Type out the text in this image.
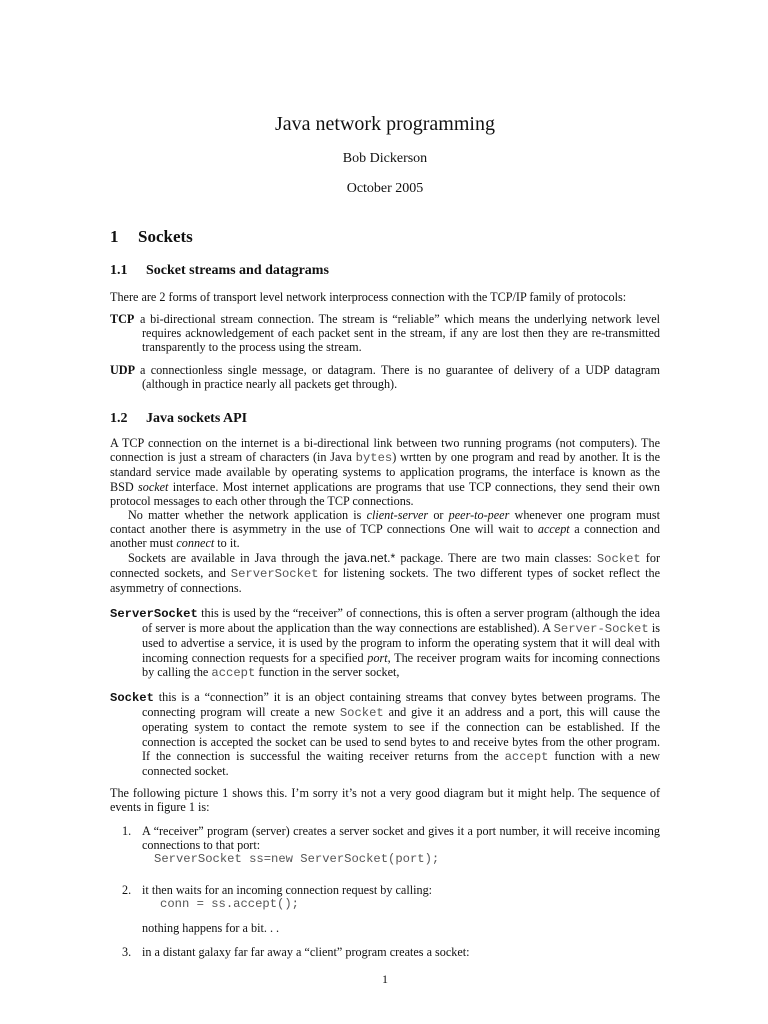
Java network programming
Bob Dickerson
October 2005
1 Sockets
1.1 Socket streams and datagrams

There are 2 forms of transport level network interprocess connection with the TCP/IP family of protocols:

TCP a bi-directional stream connection. The stream is “reliable” which means the underlying network level requires acknowledgement of each packet sent in the stream, if any are lost then they are re-transmitted transparently to the process using the stream.

UDP a connectionless single message, or datagram. There is no guarantee of delivery of a UDP datagram (although in practice nearly all packets get through).

1.2 Java sockets API

A TCP connection on the internet is a bi-directional link between two running programs (not computers). The connection is just a stream of characters (in Java bytes) wrtten by one program and read by another. It is the standard service made available by operating systems to application programs, the interface is known as the BSD socket interface. Most internet applications are programs that use TCP connections, they send their own protocol messages to each other through the TCP connections.

No matter whether the network application is client-server or peer-to-peer whenever one program must contact another there is asymmetry in the use of TCP connections One will wait to accept a connection and another must connect to it.

Sockets are available in Java through the java.net.* package. There are two main classes: Socket for connected sockets, and ServerSocket for listening sockets. The two different types of socket reflect the asymmetry of connections.

ServerSocket this is used by the “receiver” of connections, this is often a server program (although the idea of server is more about the application than the way connections are established). A Server-Socket is used to advertise a service, it is used by the program to inform the operating system that it will deal with incoming connection requests for a specified port, The receiver program waits for incoming connections by calling the accept function in the server socket,

Socket this is a “connection” it is an object containing streams that convey bytes between programs. The connecting program will create a new Socket and give it an address and a port, this will cause the operating system to contact the remote system to see if the connection can be established. If the connection is accepted the socket can be used to send bytes to and receive bytes from the other program. If the connection is successful the waiting receiver returns from the accept function with a new connected socket.

The following picture 1 shows this. I’m sorry it’s not a very good diagram but it might help. The sequence of events in figure 1 is:

1. A “receiver” program (server) creates a server socket and gives it a port number, it will receive incoming connections to that port:
ServerSocket ss=new ServerSocket(port);
2. it then waits for an incoming connection request by calling:
conn = ss.accept();
nothing happens for a bit. . .
3. in a distant galaxy far far away a “client” program creates a socket:
1
